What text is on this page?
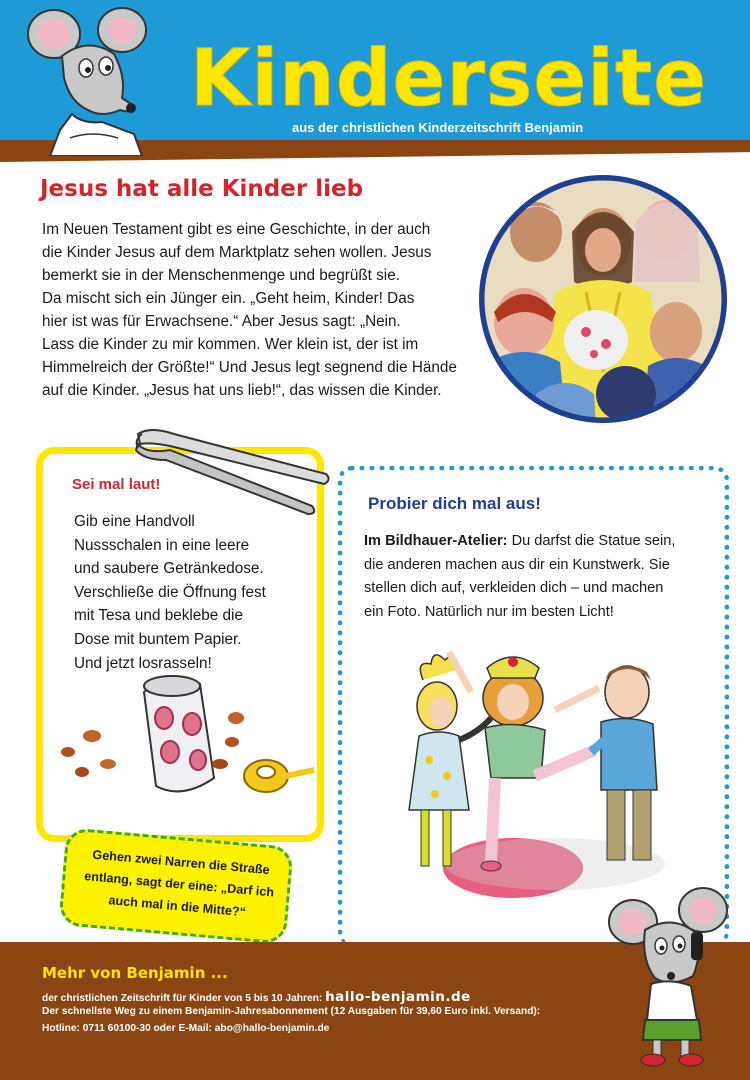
Kinderseite
aus der christlichen Kinderzeitschrift Benjamin
Jesus hat alle Kinder lieb
Im Neuen Testament gibt es eine Geschichte, in der auch
die Kinder Jesus auf dem Marktplatz sehen wollen. Jesus
bemerkt sie in der Menschenmenge und begrüßt sie.
Da mischt sich ein Jünger ein. „Geht heim, Kinder! Das
hier ist was für Erwachsene.“ Aber Jesus sagt: „Nein.
Lass die Kinder zu mir kommen. Wer klein ist, der ist im
Himmelreich der Größte!“ Und Jesus legt segnend die Hände
auf die Kinder. „Jesus hat uns lieb!“, das wissen die Kinder.
Sei mal laut!
Gib eine Handvoll
Nussschalen in eine leere
und saubere Getränkedose.
Verschließe die Öffnung fest
mit Tesa und beklebe die
Dose mit buntem Papier.
Und jetzt losrasseln!
Gehen zwei Narren die Straße
entlang, sagt der eine: „Darf ich
auch mal in die Mitte?“
Probier dich mal aus!
Im Bildhauer-Atelier: Du darfst die Statue sein,
die anderen machen aus dir ein Kunstwerk. Sie
stellen dich auf, verkleiden dich – und machen
ein Foto. Natürlich nur im besten Licht!
Mehr von Benjamin ...
der christlichen Zeitschrift für Kinder von 5 bis 10 Jahren: hallo-benjamin.de
Der schnellste Weg zu einem Benjamin-Jahresabonnement (12 Ausgaben für 39,60 Euro inkl. Versand):
Hotline: 0711 60100-30 oder E-Mail: abo@hallo-benjamin.de
